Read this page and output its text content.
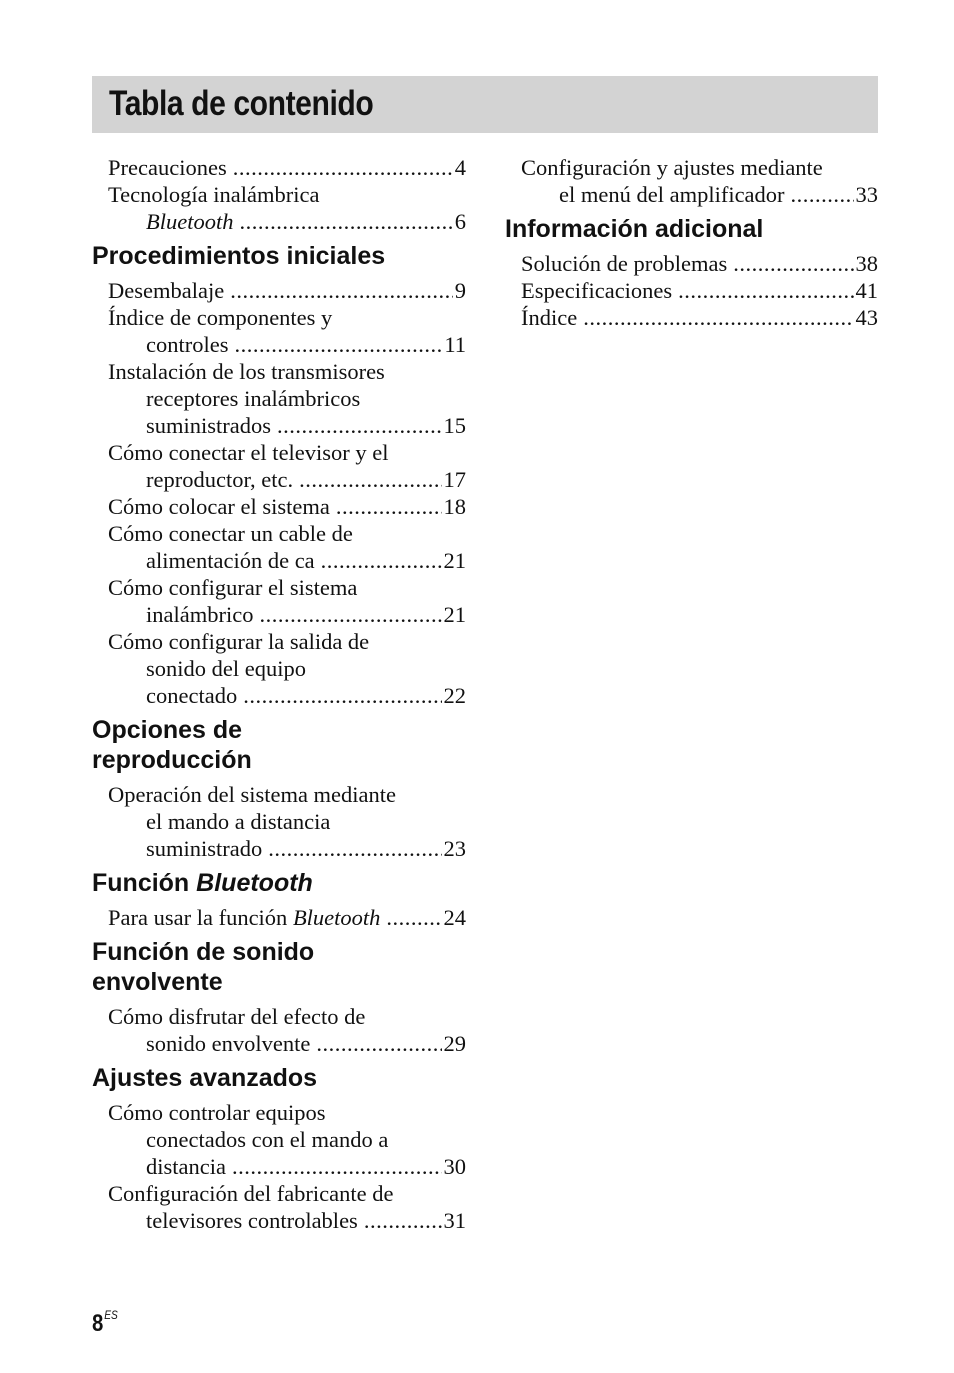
Tabla de contenido
Precauciones .....	4
Tecnología inalámbrica
Bluetooth .....	6
Procedimientos iniciales
Desembalaje .....	9
Índice de componentes y
controles .....	11
Instalación de los transmisores
receptores inalámbricos
suministrados .....	15
Cómo conectar el televisor y el
reproductor, etc. .....	17
Cómo colocar el sistema .....	18
Cómo conectar un cable de
alimentación de ca .....	21
Cómo configurar el sistema
inalámbrico .....	21
Cómo configurar la salida de
sonido del equipo
conectado .....	22
Opciones de
reproducción
Operación del sistema mediante
el mando a distancia
suministrado .....	23
Función Bluetooth
Para usar la función
Bluetooth .....	24
Función de sonido
envolvente
Cómo disfrutar del efecto de
sonido envolvente .....	29
Ajustes avanzados
Cómo controlar equipos
conectados con el mando a
distancia .....	30
Configuración del fabricante de
televisores controlables .....	31
Configuración y ajustes mediante
el menú del amplificador .....	33
Información adicional
Solución de problemas .....	38
Especificaciones .....	41
Índice .....	43
$8^{ES}$
